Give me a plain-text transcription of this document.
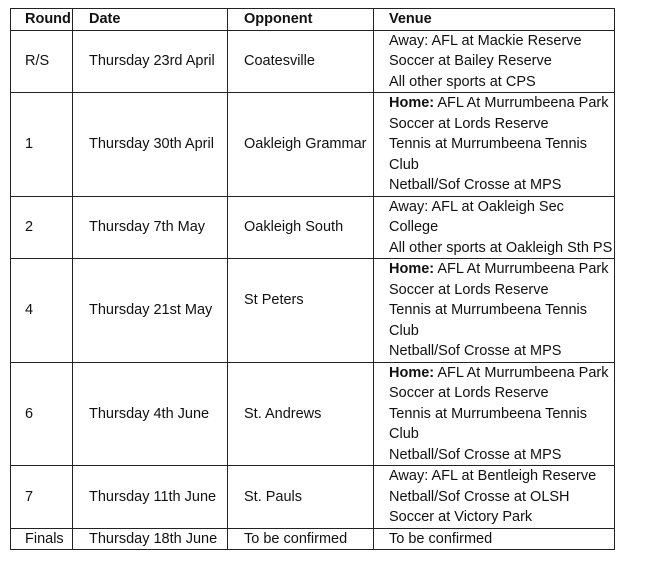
Round	Date	Opponent	Venue
R/S	Thursday 23rd April	Coatesville	Away: AFL at Mackie Reserve
Soccer at Bailey Reserve
All other sports at CPS

1	Thursday 30th April	Oakleigh Grammar	Home: AFL At Murrumbeena Park
Soccer at Lords Reserve
Tennis at Murrumbeena Tennis
Club
Netball/Sof Crosse at MPS

2	Thursday 7th May	Oakleigh South	Away: AFL at Oakleigh Sec
College
All other sports at Oakleigh Sth PS

4	Thursday 21st May	St Peters	Home: AFL At Murrumbeena Park
Soccer at Lords Reserve
Tennis at Murrumbeena Tennis
Club
Netball/Sof Crosse at MPS

6	Thursday 4th June	St. Andrews	Home: AFL At Murrumbeena Park
Soccer at Lords Reserve
Tennis at Murrumbeena Tennis
Club
Netball/Sof Crosse at MPS

7	Thursday 11th June	St. Pauls	Away: AFL at Bentleigh Reserve
Netball/Sof Crosse at OLSH
Soccer at Victory Park

Finals	Thursday 18th June	To be confirmed	To be confirmed
